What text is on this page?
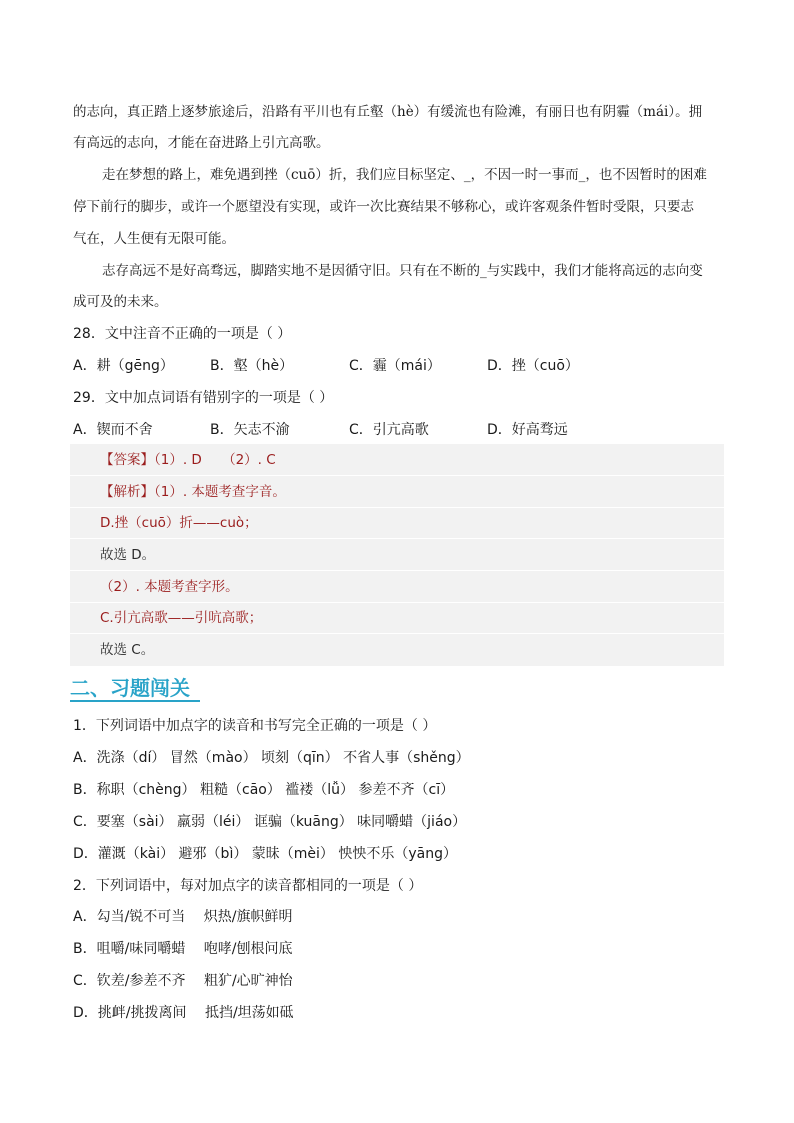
的志向，真正踏上逐梦旅途后，沿路有平川也有丘壑（hè）有缓流也有险滩，有丽日也有阴霾（mái）。拥
有高远的志向，才能在奋进路上引亢高歌。
走在梦想的路上，难免遇到挫（cuō）折，我们应目标坚定、_，不因一时一事而_，也不因暂时的困难
停下前行的脚步，或许一个愿望没有实现，或许一次比赛结果不够称心，或许客观条件暂时受限，只要志
气在，人生便有无限可能。
志存高远不是好高骛远，脚踏实地不是因循守旧。只有在不断的_与实践中，我们才能将高远的志向变
成可及的未来。
28．文中注音不正确的一项是（ ）
A．耕（gēng）	B．壑（hè）	C．霾（mái）	D．挫（cuō）
29．文中加点词语有错别字的一项是（ ）
A．锲而不舍	B．矢志不渝	C．引亢高歌	D．好高骛远
【答案】（1）. D　　（2）. C
【解析】（1）. 本题考查字音。
D.挫（cuō）折——cuò；
故选 D。
（2）. 本题考查字形。
C.引亢高歌——引吭高歌；
故选 C。
二、习题闯关
1．下列词语中加点字的读音和书写完全正确的一项是（ ）
A．洗涤（dí） 冒然（mào） 顷刻（qīn） 不省人事（shěng）
B．称职（chèng） 粗糙（cāo） 褴褛（lǚ） 参差不齐（cī）
C．要塞（sài） 羸弱（léi） 诓骗（kuāng） 味同嚼蜡（jiáo）
D．灌溉（kài） 避邪（bì） 蒙昧（mèi） 怏怏不乐（yāng）
2．下列词语中，每对加点字的读音都相同的一项是（ ）
A．勾当/锐不可当　 炽热/旗帜鲜明
B．咀嚼/味同嚼蜡　 咆哮/刨根问底
C．钦差/参差不齐　 粗犷/心旷神怡
D．挑衅/挑拨离间　 抵挡/坦荡如砥
